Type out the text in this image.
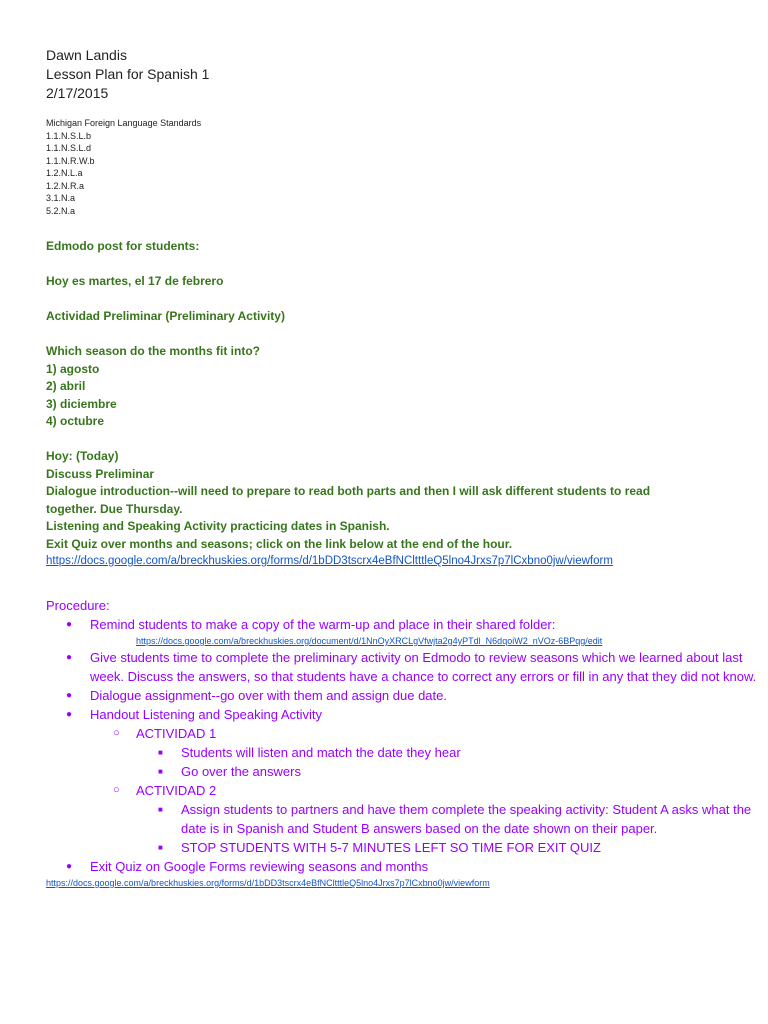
Dawn Landis
Lesson Plan for Spanish 1
2/17/2015
Michigan Foreign Language Standards
1.1.N.S.L.b
1.1.N.S.L.d
1.1.N.R.W.b
1.2.N.L.a
1.2.N.R.a
3.1.N.a
5.2.N.a
Edmodo post for students:
Hoy es martes, el 17 de febrero
Actividad Preliminar (Preliminary Activity)
Which season do the months fit into?
1) agosto
2) abril
3) diciembre
4) octubre
Hoy: (Today)
Discuss Preliminar
Dialogue introduction--will need to prepare to read both parts and then I will ask different students to read together. Due Thursday.
Listening and Speaking Activity practicing dates in Spanish.
Exit Quiz over months and seasons; click on the link below at the end of the hour.
https://docs.google.com/a/breckhuskies.org/forms/d/1bDD3tscrx4eBfNCltttleQ5lno4Jrxs7p7lCxbno0jw/viewform
Procedure:
● Remind students to make a copy of the warm-up and place in their shared folder:
https://docs.google.com/a/breckhuskies.org/document/d/1NnOyXRCLgVfwjta2g4yPTdl_N6dqoiW2_nVOz-6BPqg/edit
● Give students time to complete the preliminary activity on Edmodo to review seasons which we learned about last week. Discuss the answers, so that students have a chance to correct any errors or fill in any that they did not know.
● Dialogue assignment--go over with them and assign due date.
● Handout Listening and Speaking Activity
○ ACTIVIDAD 1
■ Students will listen and match the date they hear
■ Go over the answers
○ ACTIVIDAD 2
■ Assign students to partners and have them complete the speaking activity: Student A asks what the date is in Spanish and Student B answers based on the date shown on their paper.
■ STOP STUDENTS WITH 5-7 MINUTES LEFT SO TIME FOR EXIT QUIZ
● Exit Quiz on Google Forms reviewing seasons and months
https://docs.google.com/a/breckhuskies.org/forms/d/1bDD3tscrx4eBfNCltttleQ5lno4Jrxs7p7lCxbno0jw/viewform
